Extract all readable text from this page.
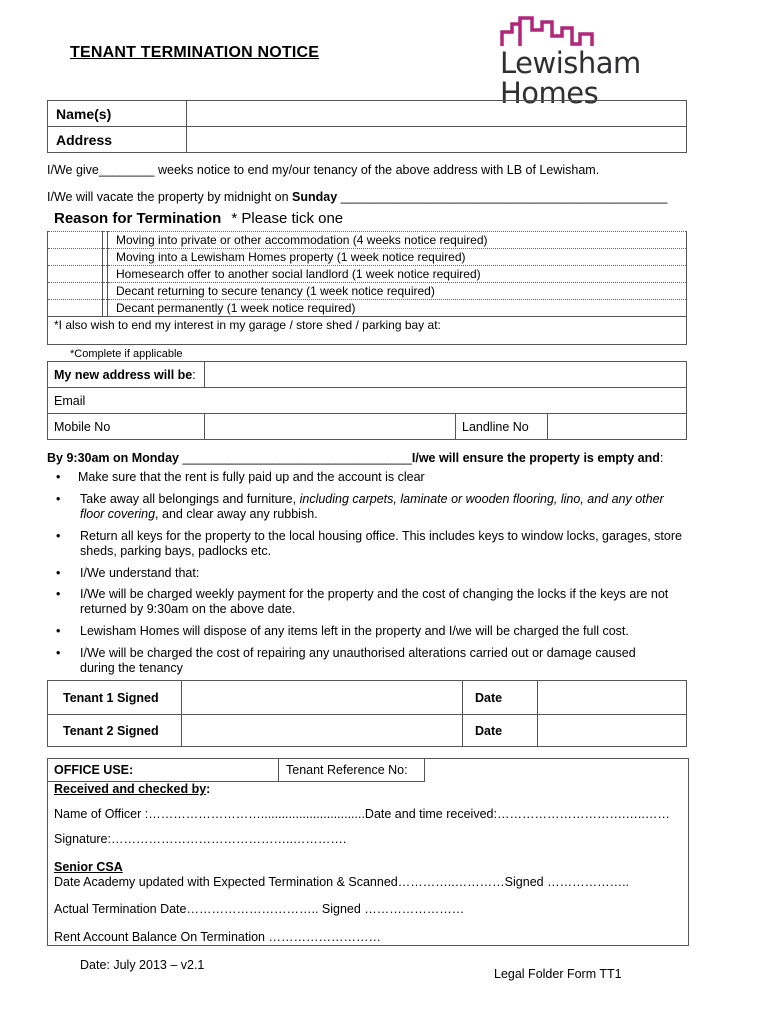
TENANT TERMINATION NOTICE	Lewisham
Homes
Name(s)	
Address	
I/We give________ weeks notice to end my/our tenancy of the above address with LB of Lewisham.
I/We will vacate the property by midnight on Sunday _______________________________________________
Reason for Termination * Please tick one
		Moving into private or other accommodation (4 weeks notice required)
		Moving into a Lewisham Homes property (1 week notice required)
		Homesearch offer to another social landlord (1 week notice required)
		Decant returning to secure tenancy (1 week notice required)
		Decant permanently (1 week notice required)
*I also wish to end my interest in my garage / store shed / parking bay at:		
*Complete if applicable
My new address will be:			
Email			
Mobile No		Landline No	
By 9:30am on Monday _________________________________I/we will ensure the property is empty and:
•	Make sure that the rent is fully paid up and the account is clear
•	Take away all belongings and furniture, including carpets, laminate or wooden flooring, lino, and any other floor covering, and clear away any rubbish.
•	Return all keys for the property to the local housing office. This includes keys to window locks, garages, store sheds, parking bays, padlocks etc.
•	I/We understand that:
•	I/We will be charged weekly payment for the property and the cost of changing the locks if the keys are not returned by 9:30am on the above date.
•	Lewisham Homes will dispose of any items left in the property and I/we will be charged the full cost.
•	I/We will be charged the cost of repairing any unauthorised alterations carried out or damage caused during the tenancy
Tenant 1 Signed		Date	
Tenant 2 Signed		Date	
OFFICE USE:	Tenant Reference No:
Received and checked by:
Name of Officer :………………………..............................Date and time received:………………………….…..……
Signature:……………………………………..………….
Senior CSA
Date Academy updated with Expected Termination & Scanned…………..…………Signed ………………..
Actual Termination Date………………………….. Signed ……………………
Rent Account Balance On Termination ………………………
Date: July 2013 – v2.1
Legal Folder Form TT1
